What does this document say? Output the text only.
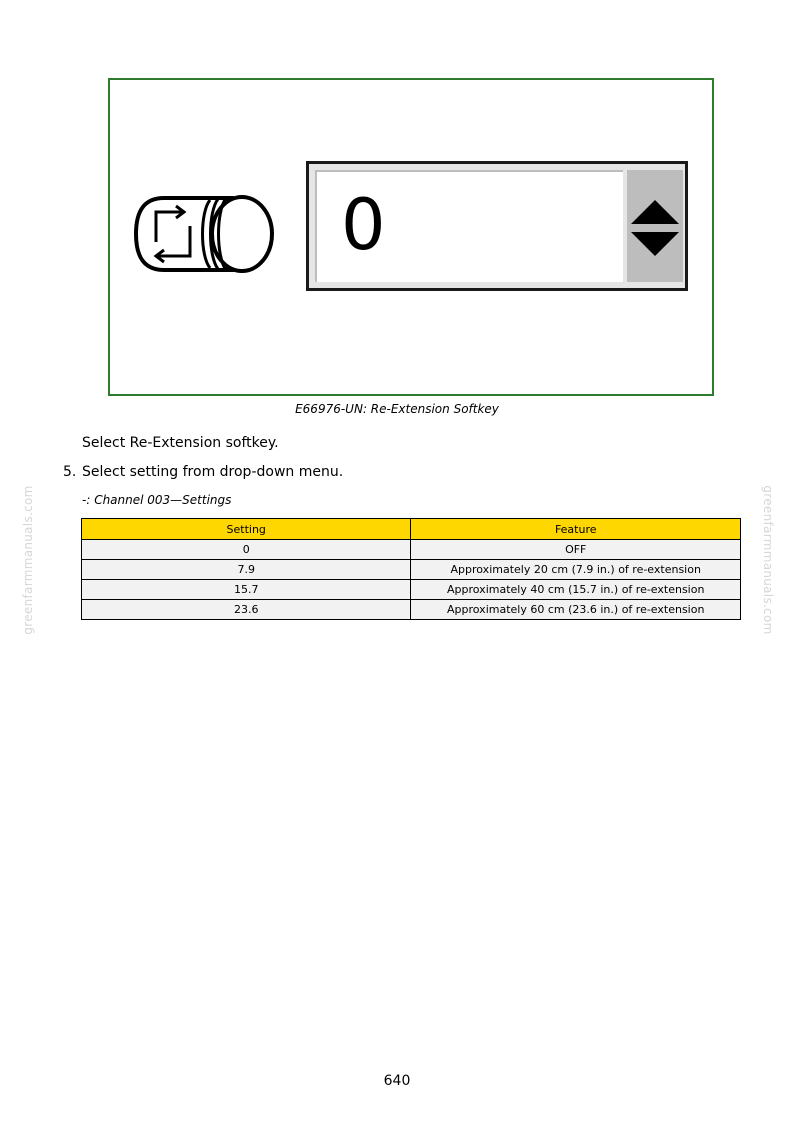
0
E66976-UN: Re-Extension Softkey
Select Re-Extension softkey.
5. Select setting from drop-down menu.
-: Channel 003—Settings
Setting	Feature
0	OFF
7.9	Approximately 20 cm (7.9 in.) of re-extension
15.7	Approximately 40 cm (15.7 in.) of re-extension
23.6	Approximately 60 cm (23.6 in.) of re-extension
greenfarmmanuals.com	greenfarmmanuals.com
640
